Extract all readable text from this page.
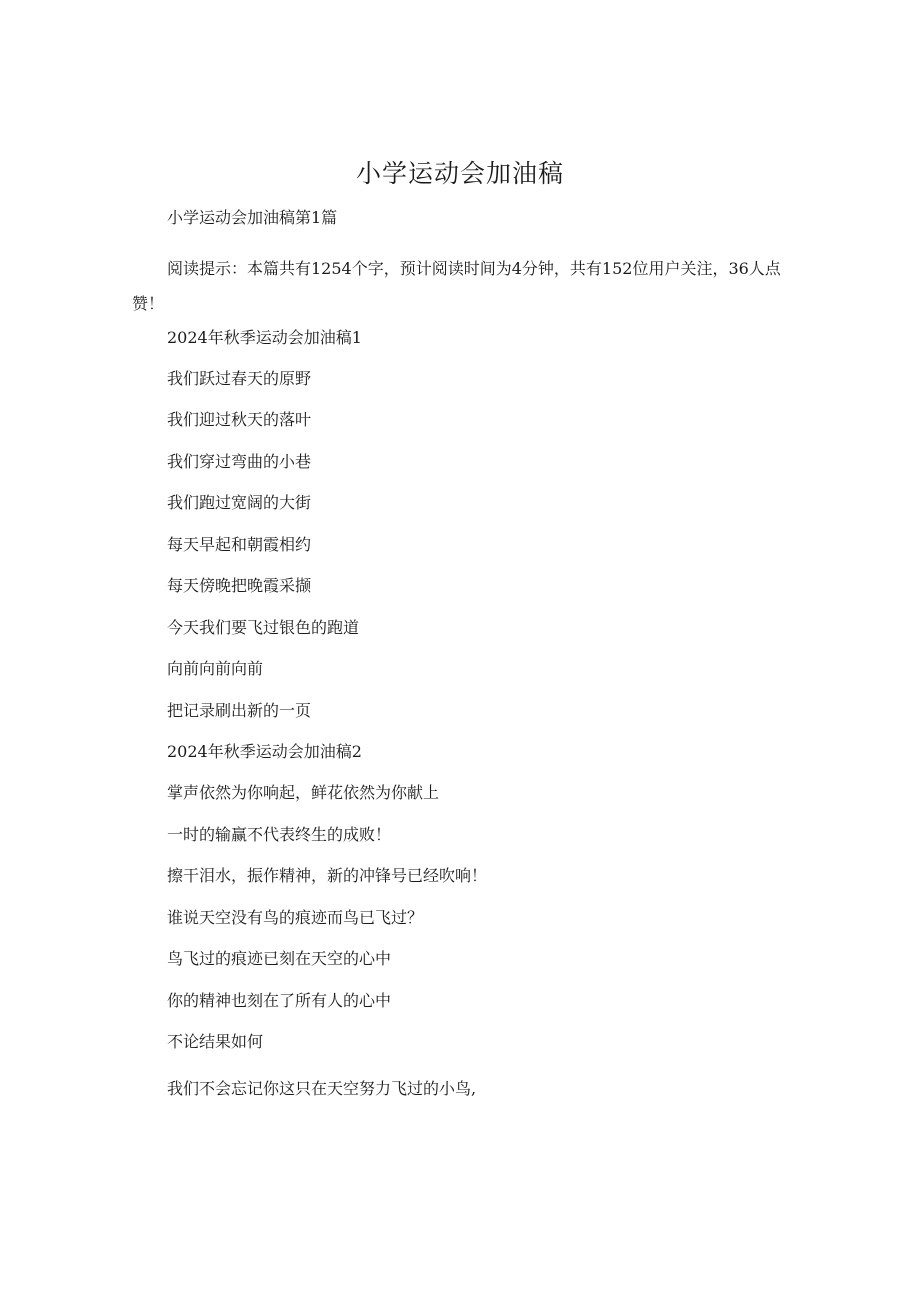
小学运动会加油稿

小学运动会加油稿第1篇

阅读提示：本篇共有1254个字，预计阅读时间为4分钟，共有152位用户关注，36人点赞！

2024年秋季运动会加油稿1

我们跃过春天的原野

我们迎过秋天的落叶

我们穿过弯曲的小巷

我们跑过宽阔的大街

每天早起和朝霞相约

每天傍晚把晚霞采撷

今天我们要飞过银色的跑道

向前向前向前

把记录刷出新的一页

2024年秋季运动会加油稿2

掌声依然为你响起，鲜花依然为你献上

一时的输赢不代表终生的成败！

擦干泪水，振作精神，新的冲锋号已经吹响！

谁说天空没有鸟的痕迹而鸟已飞过？

鸟飞过的痕迹已刻在天空的心中

你的精神也刻在了所有人的心中

不论结果如何

我们不会忘记你这只在天空努力飞过的小鸟,
